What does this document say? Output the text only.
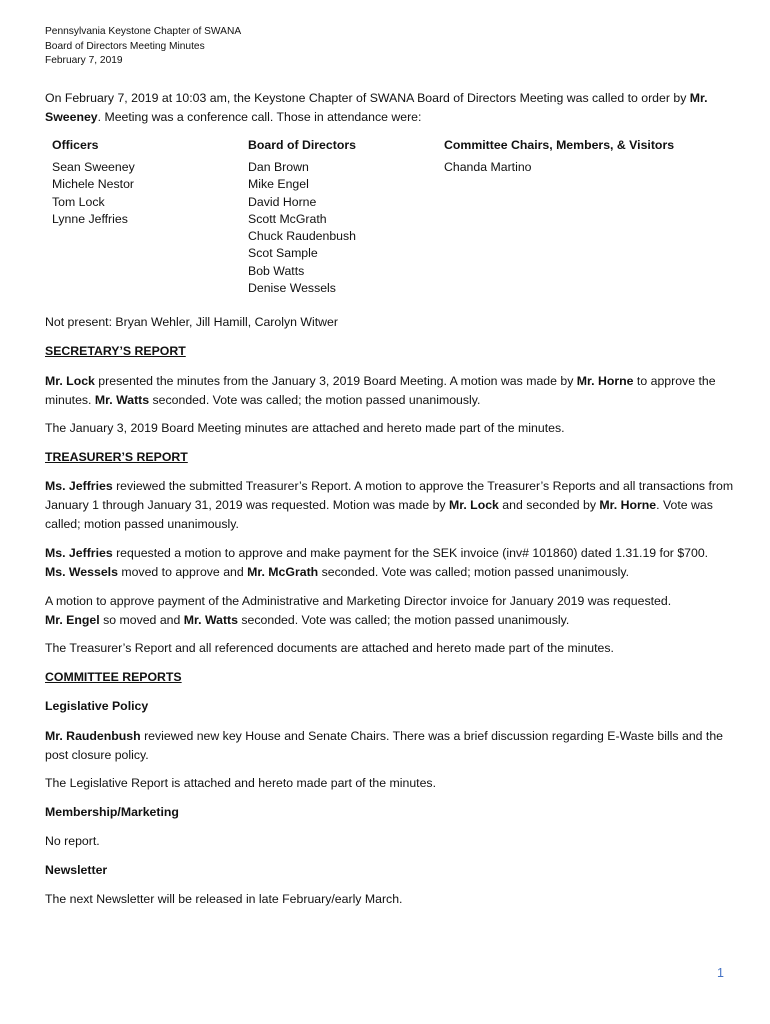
Pennsylvania Keystone Chapter of SWANA
Board of Directors Meeting Minutes
February 7, 2019
On February 7, 2019 at 10:03 am, the Keystone Chapter of SWANA Board of Directors Meeting was called to order by Mr. Sweeney. Meeting was a conference call. Those in attendance were:
Officers
Sean Sweeney
Michele Nestor
Tom Lock
Lynne Jeffries
Board of Directors
Dan Brown
Mike Engel
David Horne
Scott McGrath
Chuck Raudenbush
Scot Sample
Bob Watts
Denise Wessels
Committee Chairs, Members, & Visitors
Chanda Martino
Not present: Bryan Wehler, Jill Hamill, Carolyn Witwer
SECRETARY’S REPORT
Mr. Lock presented the minutes from the January 3, 2019 Board Meeting. A motion was made by Mr. Horne to approve the minutes. Mr. Watts seconded. Vote was called; the motion passed unanimously.
The January 3, 2019 Board Meeting minutes are attached and hereto made part of the minutes.
TREASURER’S REPORT
Ms. Jeffries reviewed the submitted Treasurer’s Report. A motion to approve the Treasurer’s Reports and all transactions from January 1 through January 31, 2019 was requested. Motion was made by Mr. Lock and seconded by Mr. Horne. Vote was called; motion passed unanimously.
Ms. Jeffries requested a motion to approve and make payment for the SEK invoice (inv# 101860) dated 1.31.19 for $700.
Ms. Wessels moved to approve and Mr. McGrath seconded. Vote was called; motion passed unanimously.
A motion to approve payment of the Administrative and Marketing Director invoice for January 2019 was requested.
Mr. Engel so moved and Mr. Watts seconded. Vote was called; the motion passed unanimously.
The Treasurer’s Report and all referenced documents are attached and hereto made part of the minutes.
COMMITTEE REPORTS
Legislative Policy
Mr. Raudenbush reviewed new key House and Senate Chairs. There was a brief discussion regarding E-Waste bills and the post closure policy.
The Legislative Report is attached and hereto made part of the minutes.
Membership/Marketing
No report.
Newsletter
The next Newsletter will be released in late February/early March.
1
